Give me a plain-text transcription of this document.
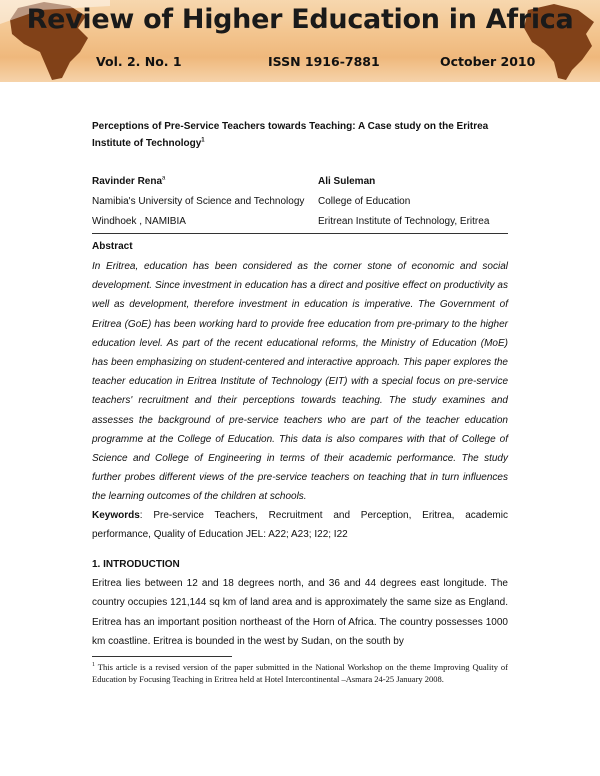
Review of Higher Education in Africa
Vol. 2. No. 1	ISSN 1916-7881	October 2010
Perceptions of Pre-Service Teachers towards Teaching: A Case study on the Eritrea Institute of Technology$^1$
Ravinder Rena$^a$
Namibia's University of Science and Technology
Windhoek , NAMIBIA
Ali Suleman
College of Education
Eritrean Institute of Technology, Eritrea
Abstract
In Eritrea, education has been considered as the corner stone of economic and social development. Since investment in education has a direct and positive effect on productivity as well as development, therefore investment in education is imperative. The Government of Eritrea (GoE) has been working hard to provide free education from pre-primary to the higher education level. As part of the recent educational reforms, the Ministry of Education (MoE) has been emphasizing on student-centered and interactive approach. This paper explores the teacher education in Eritrea Institute of Technology (EIT) with a special focus on pre-service teachers' recruitment and their perceptions towards teaching. The study examines and assesses the background of pre-service teachers who are part of the teacher education programme at the College of Education. This data is also compares with that of College of Science and College of Engineering in terms of their academic performance. The study further probes different views of the pre-service teachers on teaching that in turn influences the learning outcomes of the children at schools.
Keywords: Pre-service Teachers, Recruitment and Perception, Eritrea, academic performance, Quality of Education JEL: A22; A23; I22; I22
1. INTRODUCTION
Eritrea lies between 12 and 18 degrees north, and 36 and 44 degrees east longitude. The country occupies 121,144 sq km of land area and is approximately the same size as England. Eritrea has an important position northeast of the Horn of Africa. The country possesses 1000 km coastline. Eritrea is bounded in the west by Sudan, on the south by
$^1$ This article is a revised version of the paper submitted in the National Workshop on the theme Improving Quality of Education by Focusing Teaching in Eritrea held at Hotel Intercontinental –Asmara 24-25 January 2008.
